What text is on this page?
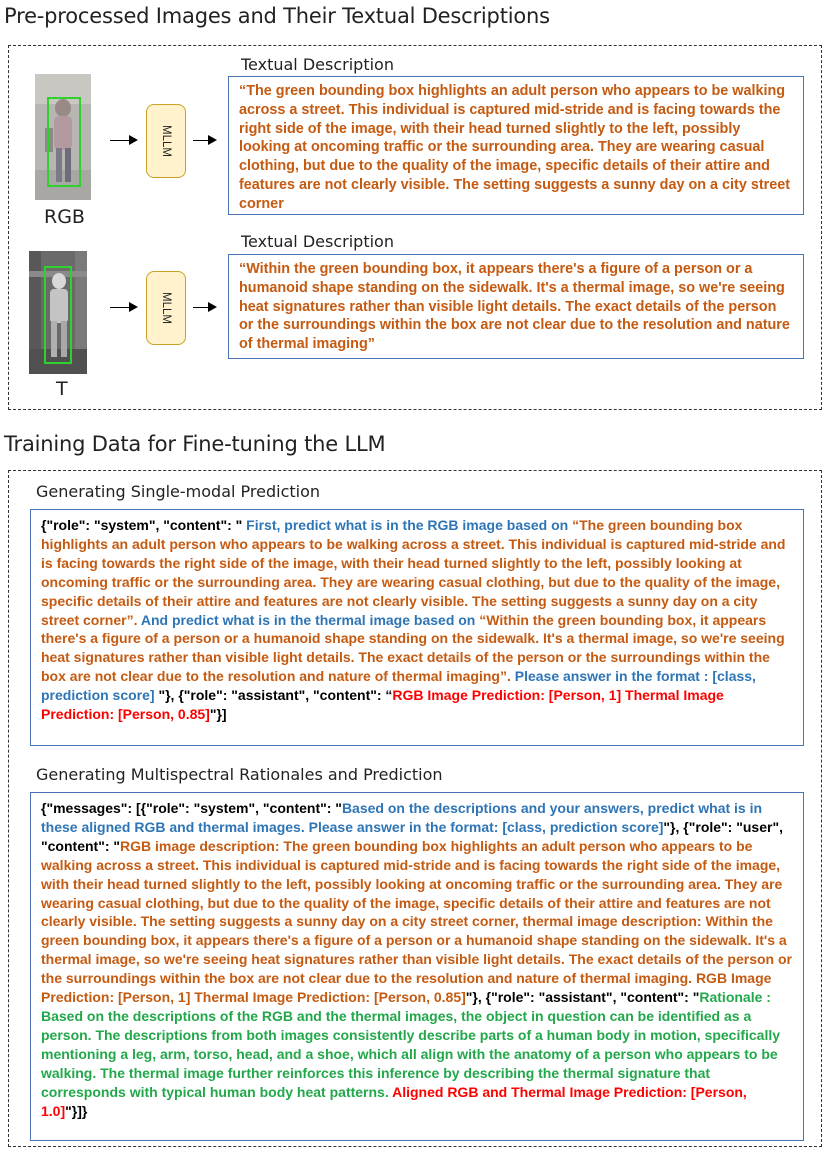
Pre-processed Images and Their Textual Descriptions
RGB
MLLM
Textual Description
“The green bounding box highlights an adult person who appears to be walking across a street. This individual is captured mid-stride and is facing towards the right side of the image, with their head turned slightly to the left, possibly looking at oncoming traffic or the surrounding area. They are wearing casual clothing, but due to the quality of the image, specific details of their attire and features are not clearly visible. The setting suggests a sunny day on a city street corner
T
MLLM
Textual Description
“Within the green bounding box, it appears there's a figure of a person or a humanoid shape standing on the sidewalk. It's a thermal image, so we're seeing heat signatures rather than visible light details. The exact details of the person or the surroundings within the box are not clear due to the resolution and nature of thermal imaging”
Training Data for Fine-tuning the LLM
Generating Single-modal Prediction
{"role": "system", "content": " First, predict what is in the RGB image based on “The green bounding box highlights an adult person who appears to be walking across a street. This individual is captured mid-stride and is facing towards the right side of the image, with their head turned slightly to the left, possibly looking at oncoming traffic or the surrounding area. They are wearing casual clothing, but due to the quality of the image, specific details of their attire and features are not clearly visible. The setting suggests a sunny day on a city street corner”. And predict what is in the thermal image based on “Within the green bounding box, it appears there's a figure of a person or a humanoid shape standing on the sidewalk. It's a thermal image, so we're seeing heat signatures rather than visible light details. The exact details of the person or the surroundings within the box are not clear due to the resolution and nature of thermal imaging”. Please answer in the format : [class, prediction score] "}, {"role": "assistant", "content": “RGB Image Prediction: [Person, 1] Thermal Image Prediction: [Person, 0.85]"}]
Generating Multispectral Rationales and Prediction
{"messages": [{"role": "system", "content": "Based on the descriptions and your answers, predict what is in these aligned RGB and thermal images. Please answer in the format: [class, prediction score]"}, {"role": "user", "content": "RGB image description: The green bounding box highlights an adult person who appears to be walking across a street. This individual is captured mid-stride and is facing towards the right side of the image, with their head turned slightly to the left, possibly looking at oncoming traffic or the surrounding area. They are wearing casual clothing, but due to the quality of the image, specific details of their attire and features are not clearly visible. The setting suggests a sunny day on a city street corner, thermal image description: Within the green bounding box, it appears there's a figure of a person or a humanoid shape standing on the sidewalk. It's a thermal image, so we're seeing heat signatures rather than visible light details. The exact details of the person or the surroundings within the box are not clear due to the resolution and nature of thermal imaging. RGB Image Prediction: [Person, 1] Thermal Image Prediction: [Person, 0.85]"}, {"role": "assistant", "content": "Rationale : Based on the descriptions of the RGB and the thermal images, the object in question can be identified as a person. The descriptions from both images consistently describe parts of a human body in motion, specifically mentioning a leg, arm, torso, head, and a shoe, which all align with the anatomy of a person who appears to be walking. The thermal image further reinforces this inference by describing the thermal signature that corresponds with typical human body heat patterns. Aligned RGB and Thermal Image Prediction: [Person, 1.0]"}]}
